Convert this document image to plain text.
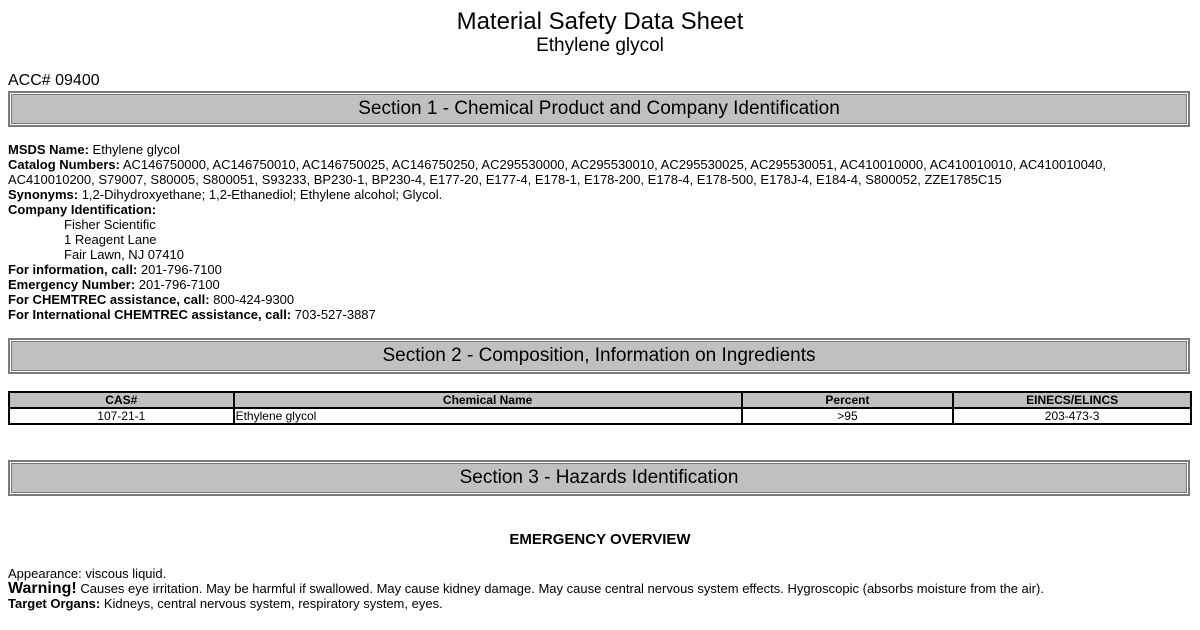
Material Safety Data Sheet
Ethylene glycol
ACC# 09400
Section 1 - Chemical Product and Company Identification

MSDS Name: Ethylene glycol

Catalog Numbers: AC146750000, AC146750010, AC146750025, AC146750250, AC295530000, AC295530010, AC295530025, AC295530051, AC410010000, AC410010010, AC410010040, AC410010200, S79007, S80005, S800051, S93233, BP230-1, BP230-4, E177-20, E177-4, E178-1, E178-200, E178-4, E178-500, E178J-4, E184-4, S800052, ZZE1785C15

Synonyms: 1,2-Dihydroxyethane; 1,2-Ethanediol; Ethylene alcohol; Glycol.

Company Identification:

Fisher Scientific

1 Reagent Lane

Fair Lawn, NJ 07410

For information, call: 201-796-7100

Emergency Number: 201-796-7100

For CHEMTREC assistance, call: 800-424-9300

For International CHEMTREC assistance, call: 703-527-3887

Section 2 - Composition, Information on Ingredients
CAS#	Chemical Name	Percent	EINECS/ELINCS
107-21-1	Ethylene glycol	>95	203-473-3
Section 3 - Hazards Identification
EMERGENCY OVERVIEW

Appearance: viscous liquid.

Warning! Causes eye irritation. May be harmful if swallowed. May cause kidney damage. May cause central nervous system effects. Hygroscopic (absorbs moisture from the air).

Target Organs: Kidneys, central nervous system, respiratory system, eyes.
